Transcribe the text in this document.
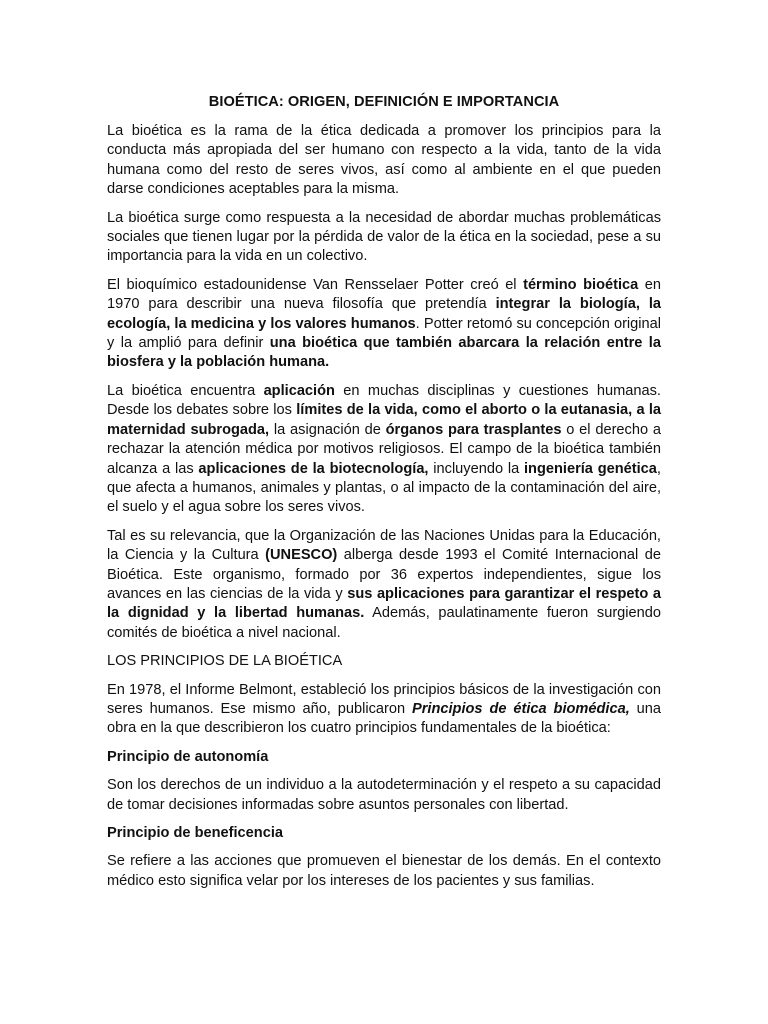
BIOÉTICA: ORIGEN, DEFINICIÓN E IMPORTANCIA

La bioética es la rama de la ética dedicada a promover los principios para la conducta más apropiada del ser humano con respecto a la vida, tanto de la vida humana como del resto de seres vivos, así como al ambiente en el que pueden darse condiciones aceptables para la misma.

La bioética surge como respuesta a la necesidad de abordar muchas problemáticas sociales que tienen lugar por la pérdida de valor de la ética en la sociedad, pese a su importancia para la vida en un colectivo.

El bioquímico estadounidense Van Rensselaer Potter creó el término bioética en 1970 para describir una nueva filosofía que pretendía integrar la biología, la ecología, la medicina y los valores humanos. Potter retomó su concepción original y la amplió para definir una bioética que también abarcara la relación entre la biosfera y la población humana.

La bioética encuentra aplicación en muchas disciplinas y cuestiones humanas. Desde los debates sobre los límites de la vida, como el aborto o la eutanasia, a la maternidad subrogada, la asignación de órganos para trasplantes o el derecho a rechazar la atención médica por motivos religiosos. El campo de la bioética también alcanza a las aplicaciones de la biotecnología, incluyendo la ingeniería genética, que afecta a humanos, animales y plantas, o al impacto de la contaminación del aire, el suelo y el agua sobre los seres vivos.

Tal es su relevancia, que la Organización de las Naciones Unidas para la Educación, la Ciencia y la Cultura (UNESCO) alberga desde 1993 el Comité Internacional de Bioética. Este organismo, formado por 36 expertos independientes, sigue los avances en las ciencias de la vida y sus aplicaciones para garantizar el respeto a la dignidad y la libertad humanas. Además, paulatinamente fueron surgiendo comités de bioética a nivel nacional.

LOS PRINCIPIOS DE LA BIOÉTICA

En 1978, el Informe Belmont, estableció los principios básicos de la investigación con seres humanos. Ese mismo año, publicaron Principios de ética biomédica, una obra en la que describieron los cuatro principios fundamentales de la bioética:

Principio de autonomía

Son los derechos de un individuo a la autodeterminación y el respeto a su capacidad de tomar decisiones informadas sobre asuntos personales con libertad.

Principio de beneficencia

Se refiere a las acciones que promueven el bienestar de los demás. En el contexto médico esto significa velar por los intereses de los pacientes y sus familias.
